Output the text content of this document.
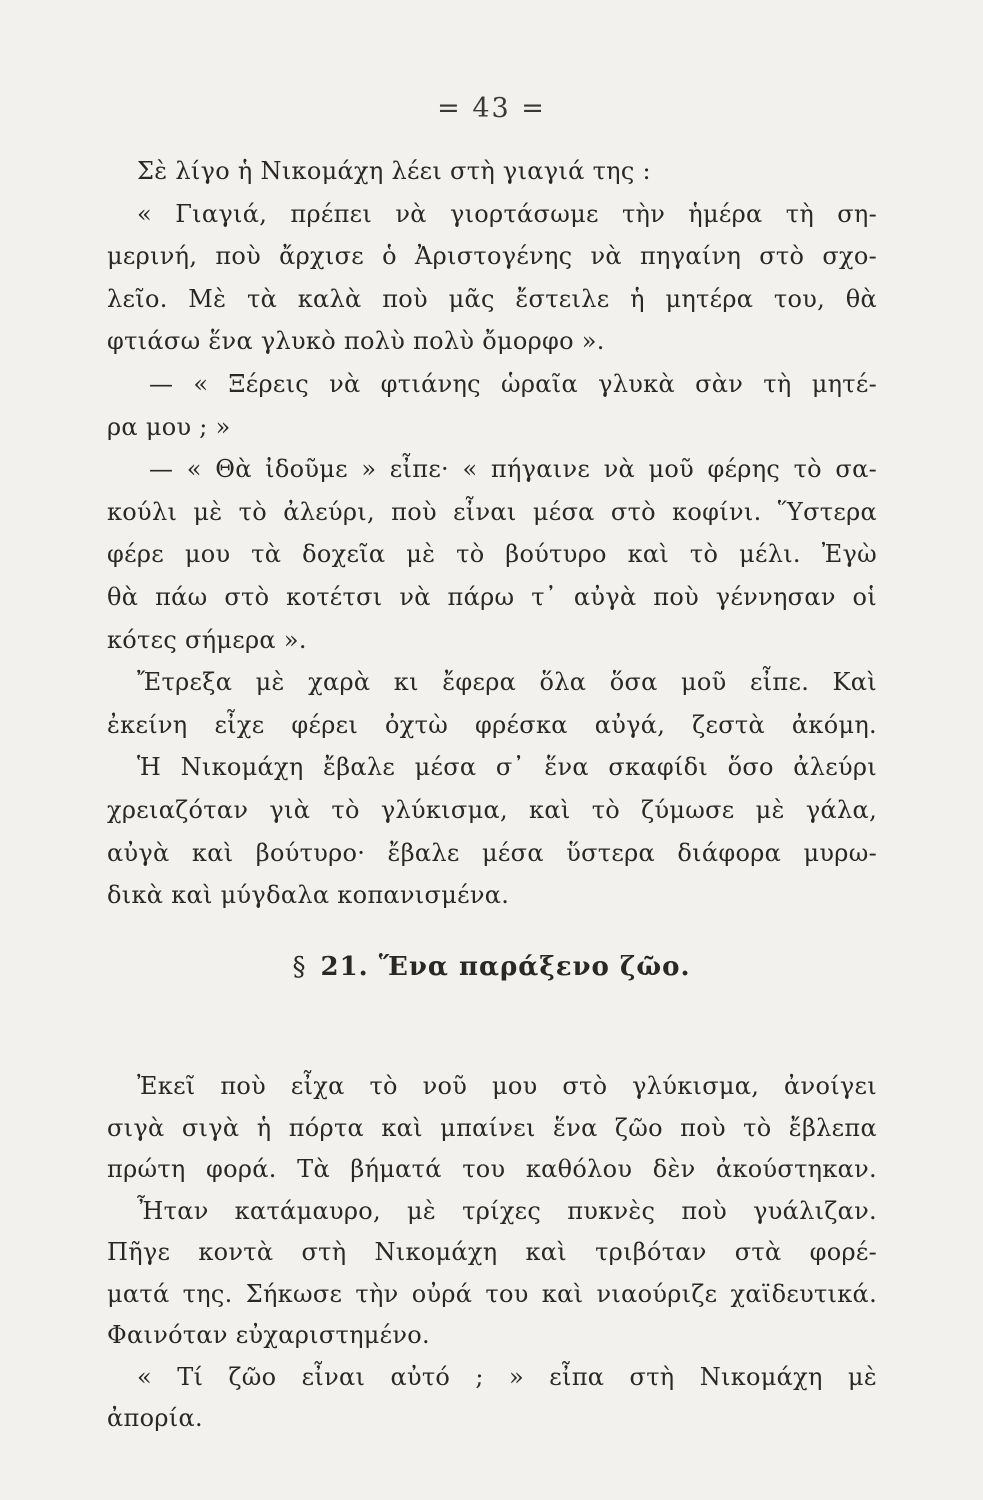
= 43 =
Σὲ λίγο ἡ Νικομάχη λέει στὴ γιαγιά της :
« Γιαγιά, πρέπει νὰ γιορτάσωμε τὴν ἡμέρα τὴ ση-
μερινή, ποὺ ἄρχισε ὁ Ἀριστογένης νὰ πηγαίνη στὸ σχο-
λεῖο. Μὲ τὰ καλὰ ποὺ μᾶς ἔστειλε ἡ μητέρα του, θὰ
φτιάσω ἕνα γλυκὸ πολὺ πολὺ ὄμορφο ».
— « Ξέρεις νὰ φτιάνης ὡραῖα γλυκὰ σὰν τὴ μητέ-
ρα μου ; »
— « Θὰ ἰδοῦμε » εἶπε· « πήγαινε νὰ μοῦ φέρης τὸ σα-
κούλι μὲ τὸ ἀλεύρι, ποὺ εἶναι μέσα στὸ κοφίνι. Ὕστερα
φέρε μου τὰ δοχεῖα μὲ τὸ βούτυρο καὶ τὸ μέλι. Ἐγὼ
θὰ πάω στὸ κοτέτσι νὰ πάρω τ᾽ αὐγὰ ποὺ γέννησαν οἱ
κότες σήμερα ».
Ἔτρεξα μὲ χαρὰ κι ἔφερα ὅλα ὅσα μοῦ εἶπε. Καὶ
ἐκείνη εἶχε φέρει ὀχτὼ φρέσκα αὐγά, ζεστὰ ἀκόμη.
Ἡ Νικομάχη ἔβαλε μέσα σ᾽ ἕνα σκαφίδι ὅσο ἀλεύρι
χρειαζόταν γιὰ τὸ γλύκισμα, καὶ τὸ ζύμωσε μὲ γάλα,
αὐγὰ καὶ βούτυρο· ἔβαλε μέσα ὕστερα διάφορα μυρω-
δικὰ καὶ μύγδαλα κοπανισμένα.
§ 21. Ἕνα παράξενο ζῶο.
Ἐκεῖ ποὺ εἶχα τὸ νοῦ μου στὸ γλύκισμα, ἀνοίγει
σιγὰ σιγὰ ἡ πόρτα καὶ μπαίνει ἕνα ζῶο ποὺ τὸ ἔβλεπα
πρώτη φορά. Τὰ βήματά του καθόλου δὲν ἀκούστηκαν.
Ἦταν κατάμαυρο, μὲ τρίχες πυκνὲς ποὺ γυάλιζαν.
Πῆγε κοντὰ στὴ Νικομάχη καὶ τριβόταν στὰ φορέ-
ματά της. Σήκωσε τὴν οὐρά του καὶ νιαούριζε χαϊδευτικά.
Φαινόταν εὐχαριστημένο.
« Τί ζῶο εἶναι αὐτό ; » εἶπα στὴ Νικομάχη μὲ
ἀπορία.
